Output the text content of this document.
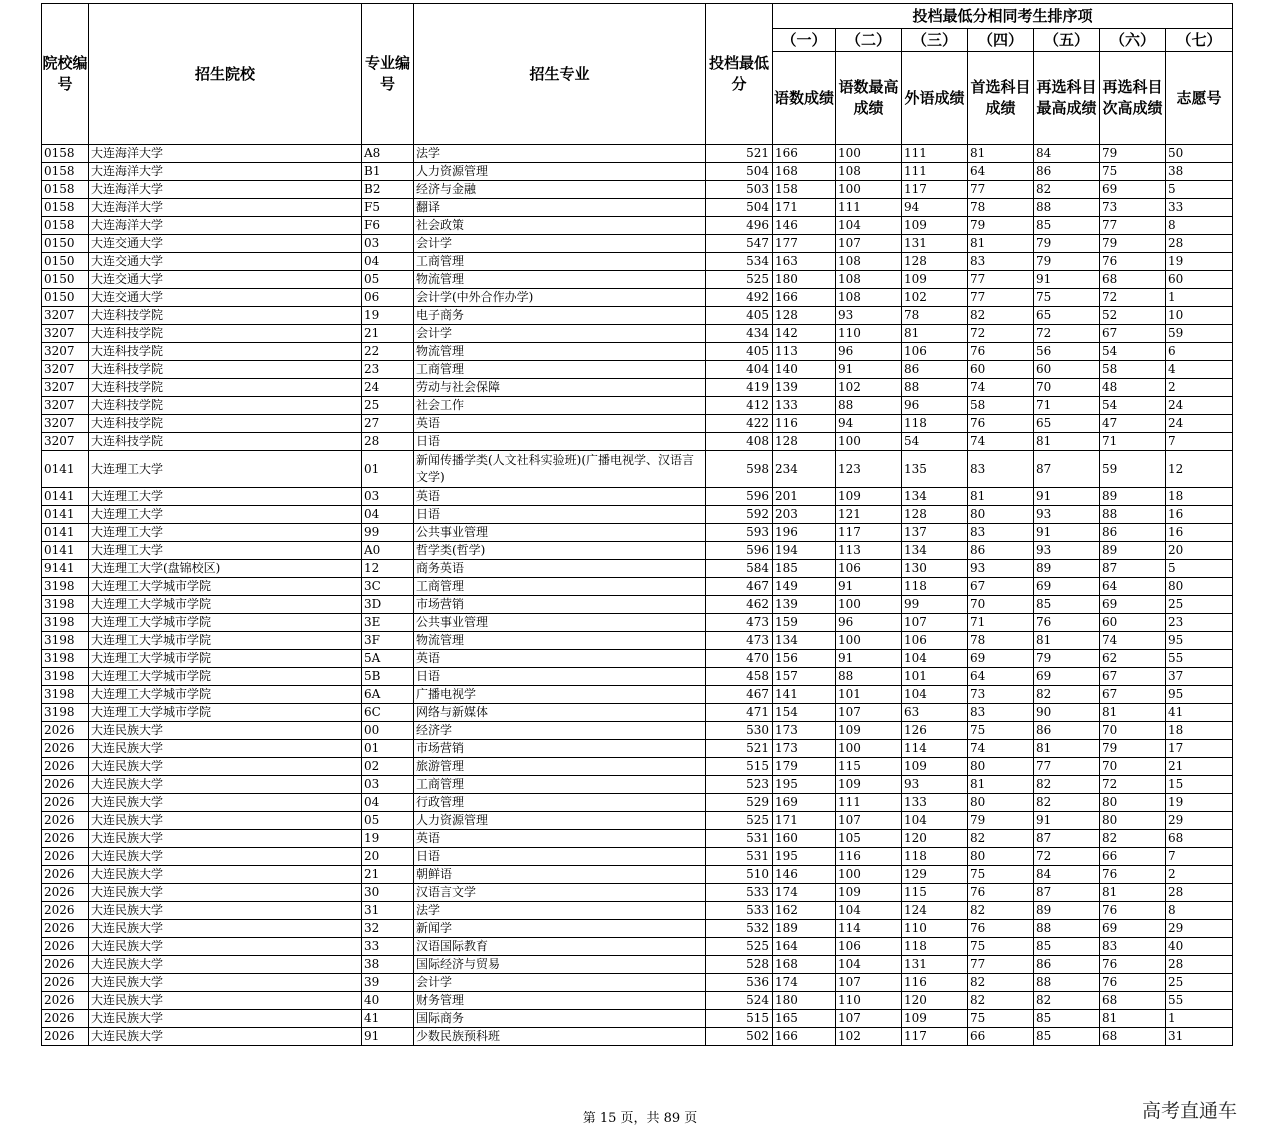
院校编号	招生院校	专业编号	招生专业	投档最低分	投档最低分相同考生排序项						
					（一）	（二）	（三）	（四）	（五）	（六）	（七）
					语数成绩	语数最高成绩	外语成绩	首选科目成绩	再选科目最高成绩	再选科目次高成绩	志愿号
0158	大连海洋大学	A8	法学	521	166	100	111	81	84	79	50
0158	大连海洋大学	B1	人力资源管理	504	168	108	111	64	86	75	38
0158	大连海洋大学	B2	经济与金融	503	158	100	117	77	82	69	5
0158	大连海洋大学	F5	翻译	504	171	111	94	78	88	73	33
0158	大连海洋大学	F6	社会政策	496	146	104	109	79	85	77	8
0150	大连交通大学	03	会计学	547	177	107	131	81	79	79	28
0150	大连交通大学	04	工商管理	534	163	108	128	83	79	76	19
0150	大连交通大学	05	物流管理	525	180	108	109	77	91	68	60
0150	大连交通大学	06	会计学(中外合作办学)	492	166	108	102	77	75	72	1
3207	大连科技学院	19	电子商务	405	128	93	78	82	65	52	10
3207	大连科技学院	21	会计学	434	142	110	81	72	72	67	59
3207	大连科技学院	22	物流管理	405	113	96	106	76	56	54	6
3207	大连科技学院	23	工商管理	404	140	91	86	60	60	58	4
3207	大连科技学院	24	劳动与社会保障	419	139	102	88	74	70	48	2
3207	大连科技学院	25	社会工作	412	133	88	96	58	71	54	24
3207	大连科技学院	27	英语	422	116	94	118	76	65	47	24
3207	大连科技学院	28	日语	408	128	100	54	74	81	71	7
0141	大连理工大学	01	新闻传播学类(人文社科实验班)(广播电视学、汉语言文学)	598	234	123	135	83	87	59	12
0141	大连理工大学	03	英语	596	201	109	134	81	91	89	18
0141	大连理工大学	04	日语	592	203	121	128	80	93	88	16
0141	大连理工大学	99	公共事业管理	593	196	117	137	83	91	86	16
0141	大连理工大学	A0	哲学类(哲学)	596	194	113	134	86	93	89	20
9141	大连理工大学(盘锦校区)	12	商务英语	584	185	106	130	93	89	87	5
3198	大连理工大学城市学院	3C	工商管理	467	149	91	118	67	69	64	80
3198	大连理工大学城市学院	3D	市场营销	462	139	100	99	70	85	69	25
3198	大连理工大学城市学院	3E	公共事业管理	473	159	96	107	71	76	60	23
3198	大连理工大学城市学院	3F	物流管理	473	134	100	106	78	81	74	95
3198	大连理工大学城市学院	5A	英语	470	156	91	104	69	79	62	55
3198	大连理工大学城市学院	5B	日语	458	157	88	101	64	69	67	37
3198	大连理工大学城市学院	6A	广播电视学	467	141	101	104	73	82	67	95
3198	大连理工大学城市学院	6C	网络与新媒体	471	154	107	63	83	90	81	41
2026	大连民族大学	00	经济学	530	173	109	126	75	86	70	18
2026	大连民族大学	01	市场营销	521	173	100	114	74	81	79	17
2026	大连民族大学	02	旅游管理	515	179	115	109	80	77	70	21
2026	大连民族大学	03	工商管理	523	195	109	93	81	82	72	15
2026	大连民族大学	04	行政管理	529	169	111	133	80	82	80	19
2026	大连民族大学	05	人力资源管理	525	171	107	104	79	91	80	29
2026	大连民族大学	19	英语	531	160	105	120	82	87	82	68
2026	大连民族大学	20	日语	531	195	116	118	80	72	66	7
2026	大连民族大学	21	朝鲜语	510	146	100	129	75	84	76	2
2026	大连民族大学	30	汉语言文学	533	174	109	115	76	87	81	28
2026	大连民族大学	31	法学	533	162	104	124	82	89	76	8
2026	大连民族大学	32	新闻学	532	189	114	110	76	88	69	29
2026	大连民族大学	33	汉语国际教育	525	164	106	118	75	85	83	40
2026	大连民族大学	38	国际经济与贸易	528	168	104	131	77	86	76	28
2026	大连民族大学	39	会计学	536	174	107	116	82	88	76	25
2026	大连民族大学	40	财务管理	524	180	110	120	82	82	68	55
2026	大连民族大学	41	国际商务	515	165	107	109	75	85	81	1
2026	大连民族大学	91	少数民族预科班	502	166	102	117	66	85	68	31
第 15 页，共 89 页	高考直通车
